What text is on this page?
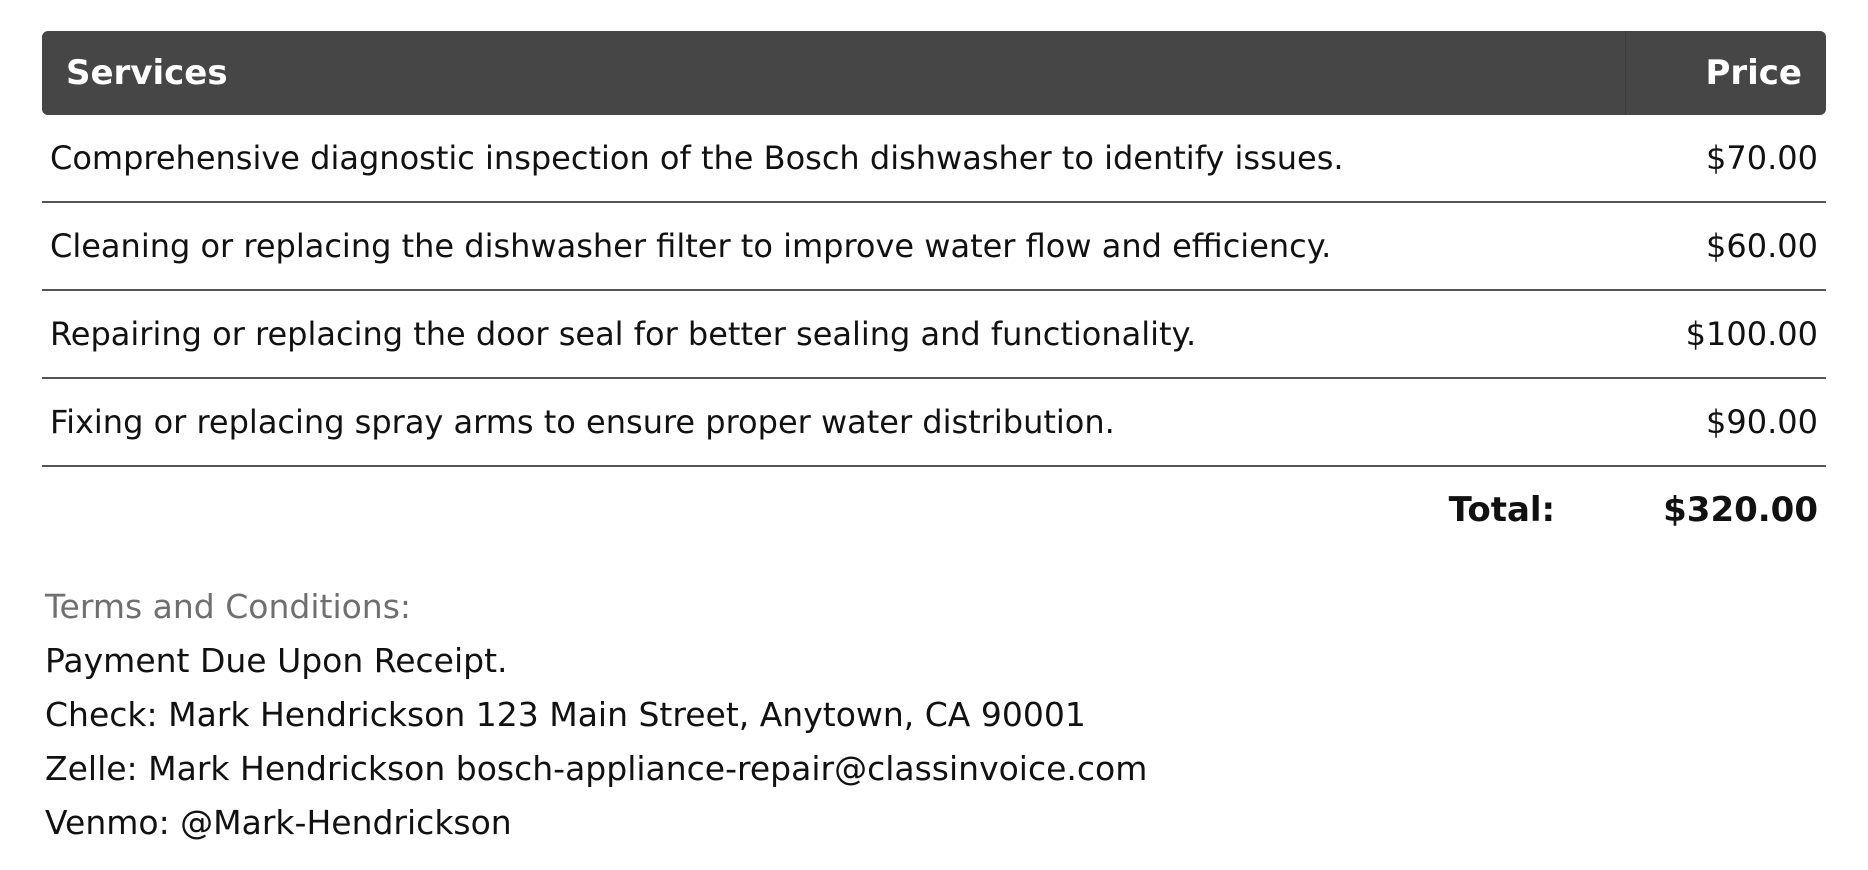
Services	Price
Comprehensive diagnostic inspection of the Bosch dishwasher to identify issues.	$70.00
Cleaning or replacing the dishwasher filter to improve water flow and efficiency.	$60.00
Repairing or replacing the door seal for better sealing and functionality.	$100.00
Fixing or replacing spray arms to ensure proper water distribution.	$90.00
Total:	$320.00
Terms and Conditions:
Payment Due Upon Receipt.
Check: Mark Hendrickson 123 Main Street, Anytown, CA 90001
Zelle: Mark Hendrickson bosch-appliance-repair@classinvoice.com
Venmo: @Mark-Hendrickson
